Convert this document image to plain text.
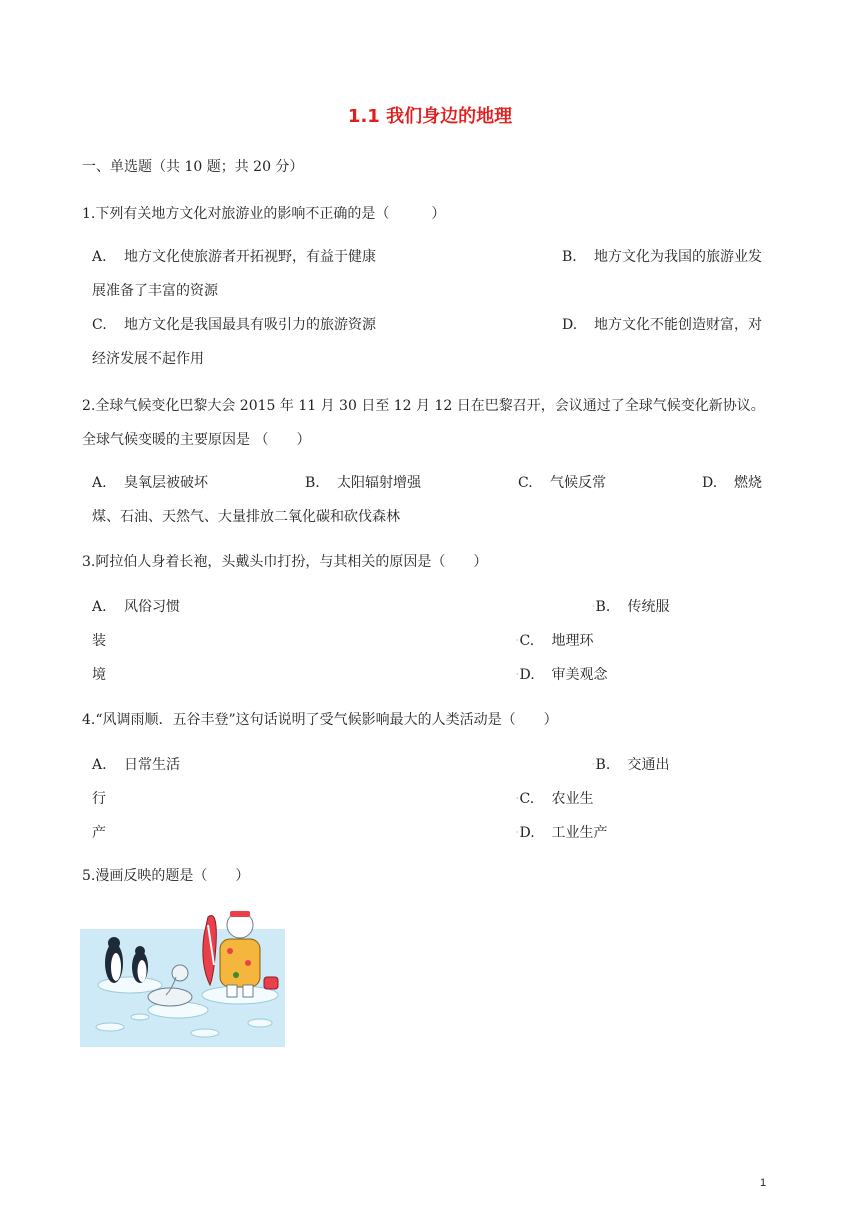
1.1 我们身边的地理
一、单选题（共 10 题；共 20 分）
1.下列有关地方文化对旅游业的影响不正确的是（　　　）
A. 地方文化使旅游者开拓视野，有益于健康	B. 地方文化为我国的旅游业发
展准备了丰富的资源
C. 地方文化是我国最具有吸引力的旅游资源	D. 地方文化不能创造财富，对
经济发展不起作用
2.全球气候变化巴黎大会 2015 年 11 月 30 日至 12 月 12 日在巴黎召开，会议通过了全球气候变化新协议。
全球气候变暖的主要原因是 （　　）
A. 臭氧层被破坏	B. 太阳辐射增强	C. 气候反常	D. 燃烧
煤、石油、天然气、大量排放二氧化碳和砍伐森林
3.阿拉伯人身着长袍，头戴头巾打扮，与其相关的原因是（　　）
A. 风俗习惯	·B. 传统服
装	·C. 地理环
境	·D. 审美观念
4.“风调雨顺．五谷丰登”这句话说明了受气候影响最大的人类活动是（　　）
A. 日常生活	·B. 交通出
行	·C. 农业生
产	·D. 工业生产
5.漫画反映的题是（　　）
1
